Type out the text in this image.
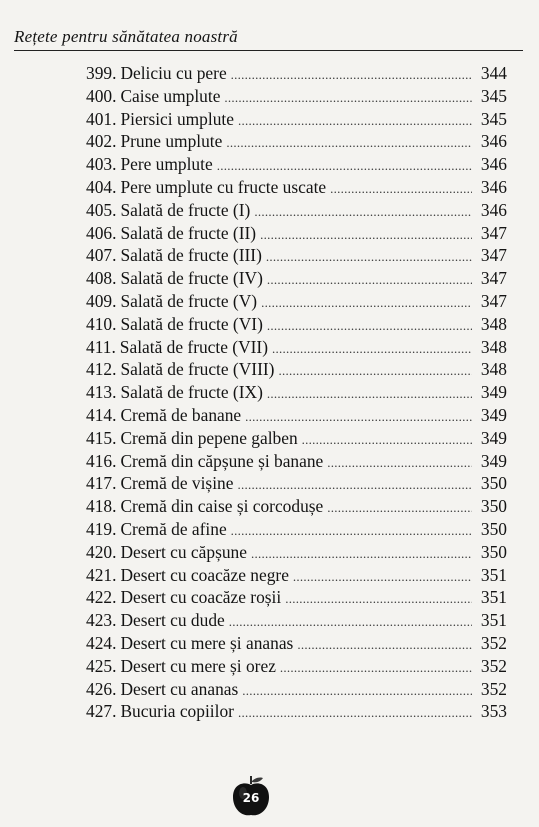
Rețete pentru sănătatea noastră
399. Deliciu cu pere . . .	344
400. Caise umplute . . .	345
401. Piersici umplute . . .	345
402. Prune umplute . . .	346
403. Pere umplute . . .	346
404. Pere umplute cu fructe uscate . . .	346
405. Salată de fructe (I) . . .	346
406. Salată de fructe (II) . . .	347
407. Salată de fructe (III) . . .	347
408. Salată de fructe (IV) . . .	347
409. Salată de fructe (V) . . .	347
410. Salată de fructe (VI) . . .	348
411. Salată de fructe (VII) . . .	348
412. Salată de fructe (VIII) . . .	348
413. Salată de fructe (IX) . . .	349
414. Cremă de banane . . .	349
415. Cremă din pepene galben . . .	349
416. Cremă din căpșune și banane . . .	349
417. Cremă de vișine . . .	350
418. Cremă din caise și corcodușe . . .	350
419. Cremă de afine . . .	350
420. Desert cu căpșune . . .	350
421. Desert cu coacăze negre . . .	351
422. Desert cu coacăze roșii . . .	351
423. Desert cu dude . . .	351
424. Desert cu mere și ananas . . .	352
425. Desert cu mere și orez . . .	352
426. Desert cu ananas . . .	352
427. Bucuria copiilor . . .	353
26
